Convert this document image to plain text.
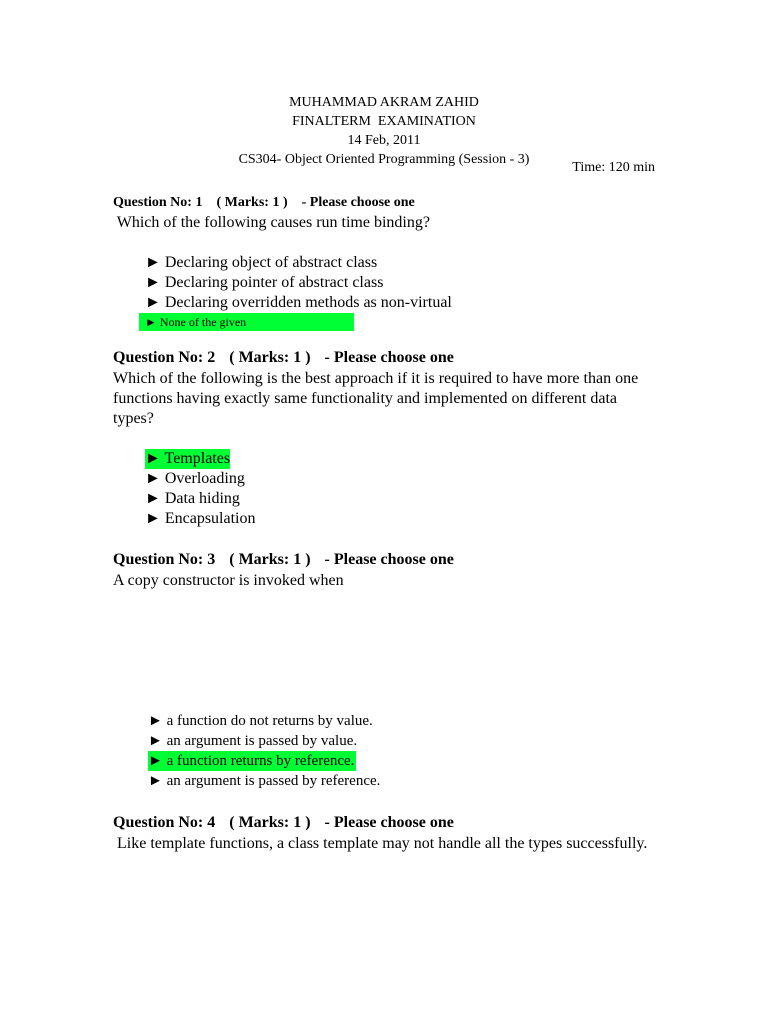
MUHAMMAD AKRAM ZAHID
FINALTERM  EXAMINATION
14 Feb, 2011
CS304- Object Oriented Programming (Session - 3)
Time: 120 min
Question No: 1 ( Marks: 1 ) - Please choose one
Which of the following causes run time binding?
► Declaring object of abstract class
► Declaring pointer of abstract class
► Declaring overridden methods as non-virtual
► None of the given
Question No: 2 ( Marks: 1 ) - Please choose one
Which of the following is the best approach if it is required to have more than one functions having exactly same functionality and implemented on different data types?
► Templates
► Overloading
► Data hiding
► Encapsulation
Question No: 3 ( Marks: 1 ) - Please choose one
A copy constructor is invoked when
► a function do not returns by value.
► an argument is passed by value.
► a function returns by reference.
► an argument is passed by reference.
Question No: 4 ( Marks: 1 ) - Please choose one
Like template functions, a class template may not handle all the types successfully.
